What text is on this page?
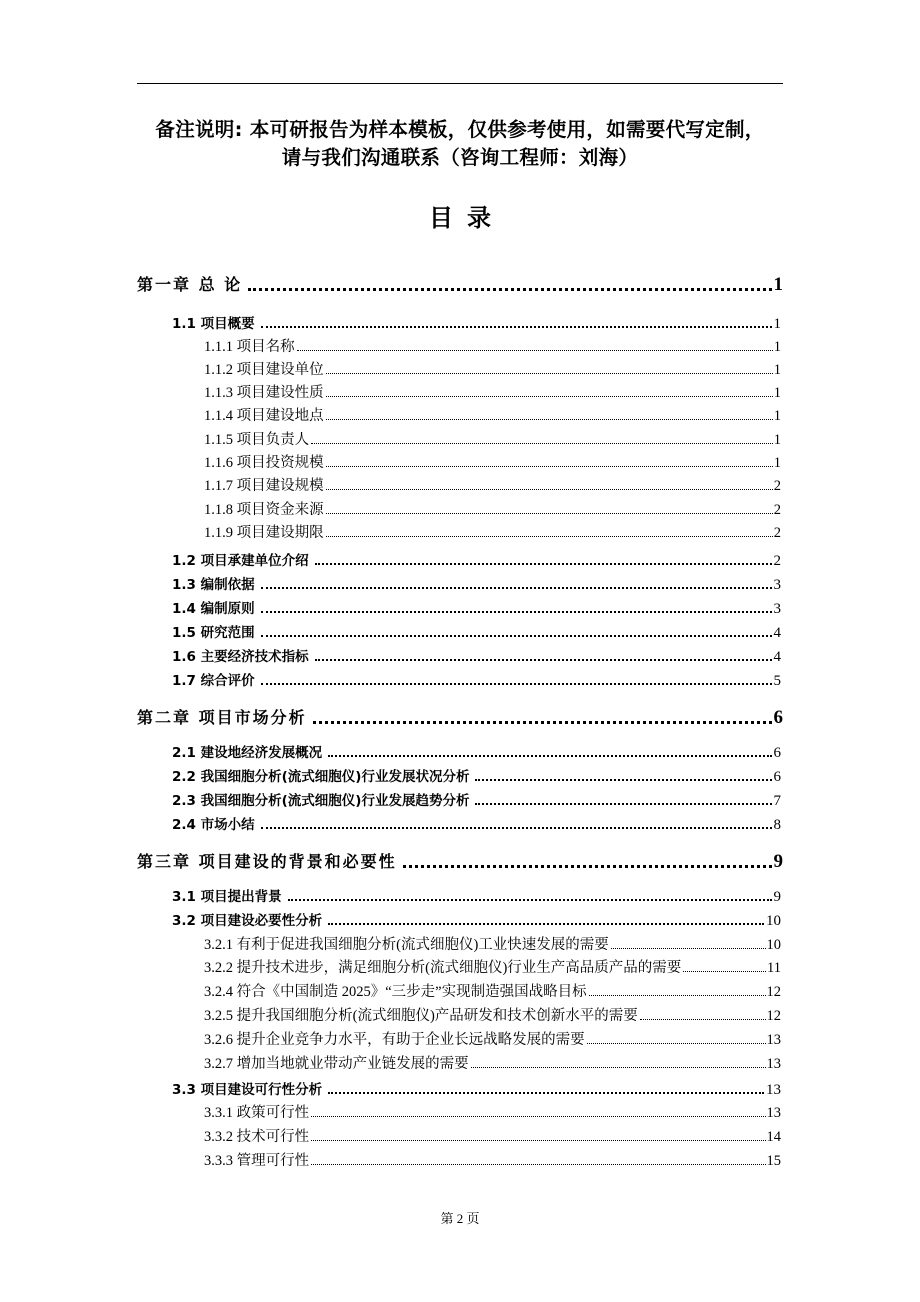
备注说明: 本可研报告为样本模板，仅供参考使用，如需要代写定制，
请与我们沟通联系（咨询工程师：刘海）
目录
第一章 总 论	1
1.1 项目概要	1
1.1.1 项目名称	1
1.1.2 项目建设单位	1
1.1.3 项目建设性质	1
1.1.4 项目建设地点	1
1.1.5 项目负责人	1
1.1.6 项目投资规模	1
1.1.7 项目建设规模	2
1.1.8 项目资金来源	2
1.1.9 项目建设期限	2
1.2 项目承建单位介绍	2
1.3 编制依据	3
1.4 编制原则	3
1.5 研究范围	4
1.6 主要经济技术指标	4
1.7 综合评价	5
第二章 项目市场分析	6
2.1 建设地经济发展概况	6
2.2 我国细胞分析(流式细胞仪)行业发展状况分析	6
2.3 我国细胞分析(流式细胞仪)行业发展趋势分析	7
2.4 市场小结	8
第三章 项目建设的背景和必要性	9
3.1 项目提出背景	9
3.2 项目建设必要性分析	10
3.2.1 有利于促进我国细胞分析(流式细胞仪)工业快速发展的需要	10
3.2.2 提升技术进步，满足细胞分析(流式细胞仪)行业生产高品质产品的需要	11
3.2.4 符合《中国制造 2025》“三步走”实现制造强国战略目标	12
3.2.5 提升我国细胞分析(流式细胞仪)产品研发和技术创新水平的需要	12
3.2.6 提升企业竞争力水平，有助于企业长远战略发展的需要	13
3.2.7 增加当地就业带动产业链发展的需要	13
3.3 项目建设可行性分析	13
3.3.1 政策可行性	13
3.3.2 技术可行性	14
3.3.3 管理可行性	15
第 2 页
